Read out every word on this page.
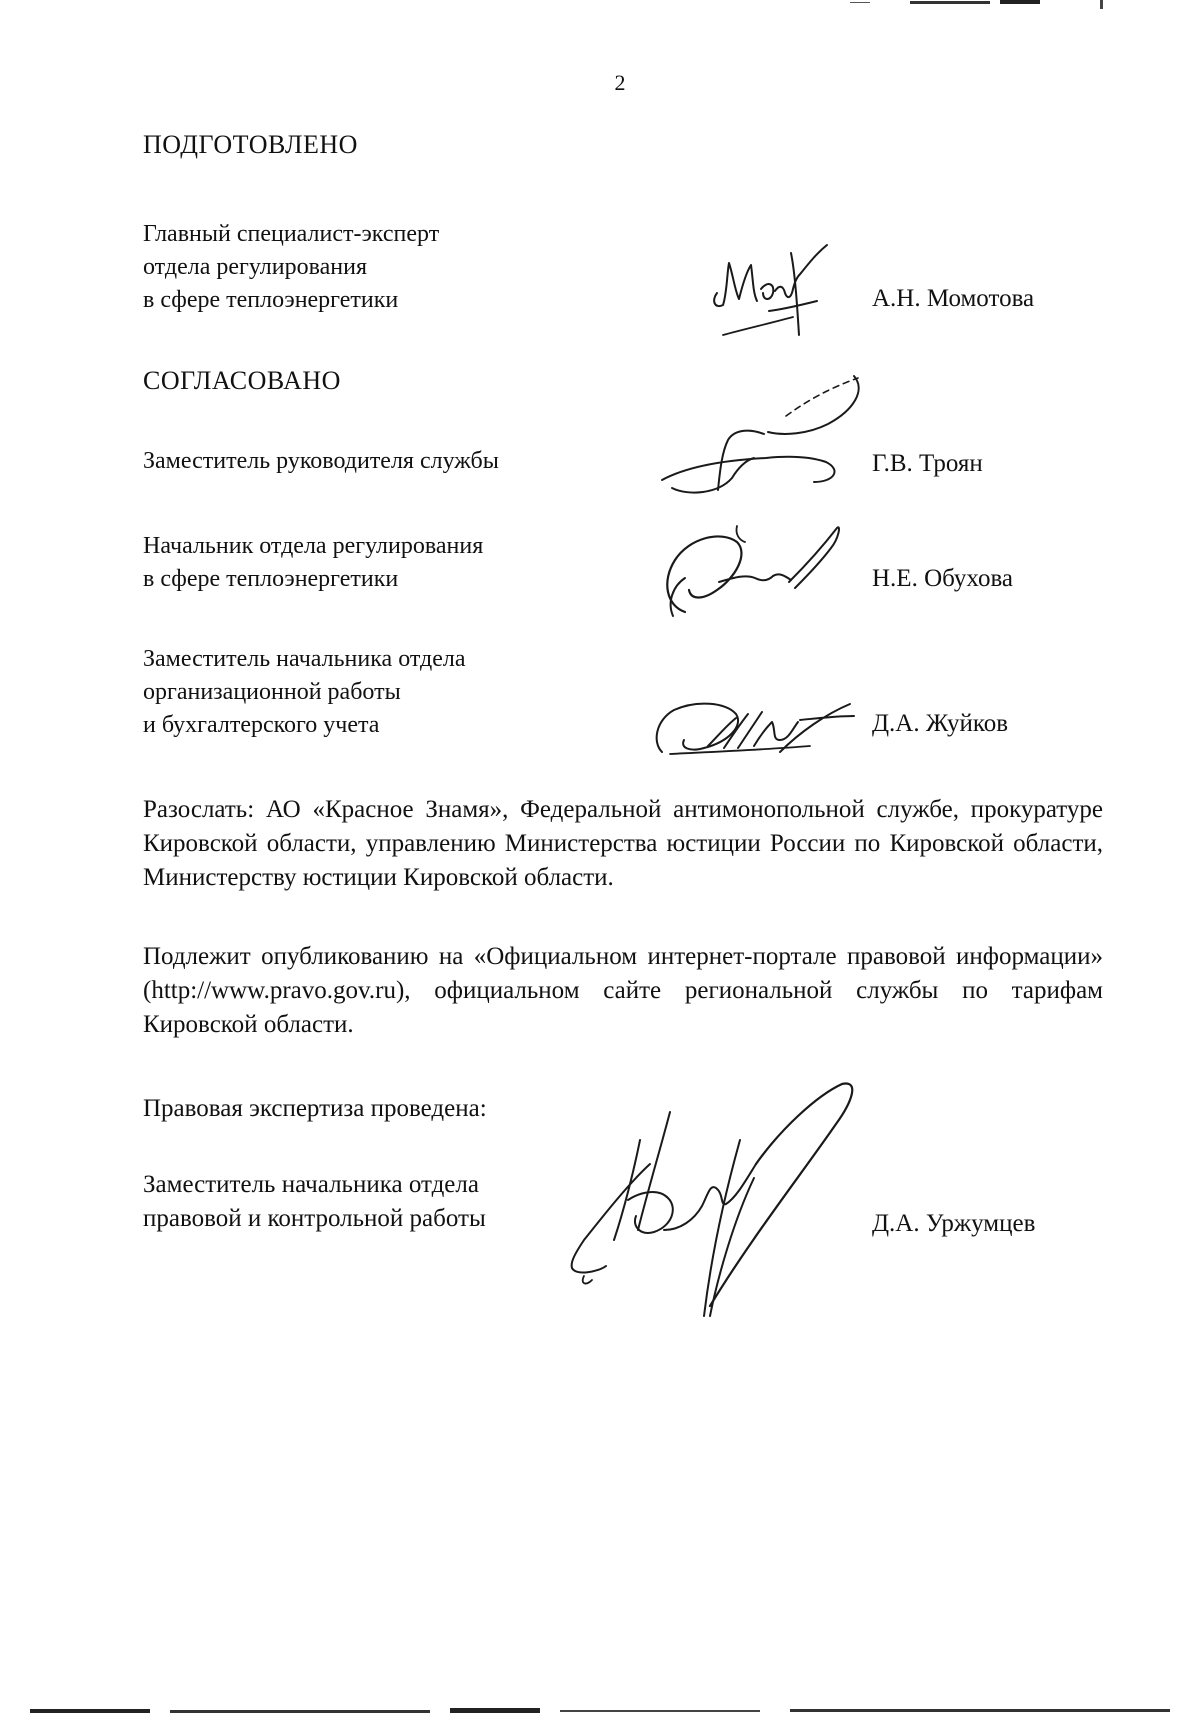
2
ПОДГОТОВЛЕНО
Главный специалист-эксперт
отдела регулирования
в сфере теплоэнергетики	А.Н. Момотова
СОГЛАСОВАНО
Заместитель руководителя службы	Г.В. Троян
Начальник отдела регулирования
в сфере теплоэнергетики	Н.Е. Обухова
Заместитель начальника отдела
организационной работы
и бухгалтерского учета	Д.А. Жуйков
Разослать: АО «Красное Знамя», Федеральной антимонопольной службе, прокуратуре Кировской области, управлению Министерства юстиции России по Кировской области, Министерству юстиции Кировской области.
Подлежит опубликованию на «Официальном интернет-портале правовой информации» (http://www.pravo.gov.ru), официальном сайте региональной службы по тарифам Кировской области.
Правовая экспертиза проведена:
Заместитель начальника отдела
правовой и контрольной работы	Д.А. Уржумцев
